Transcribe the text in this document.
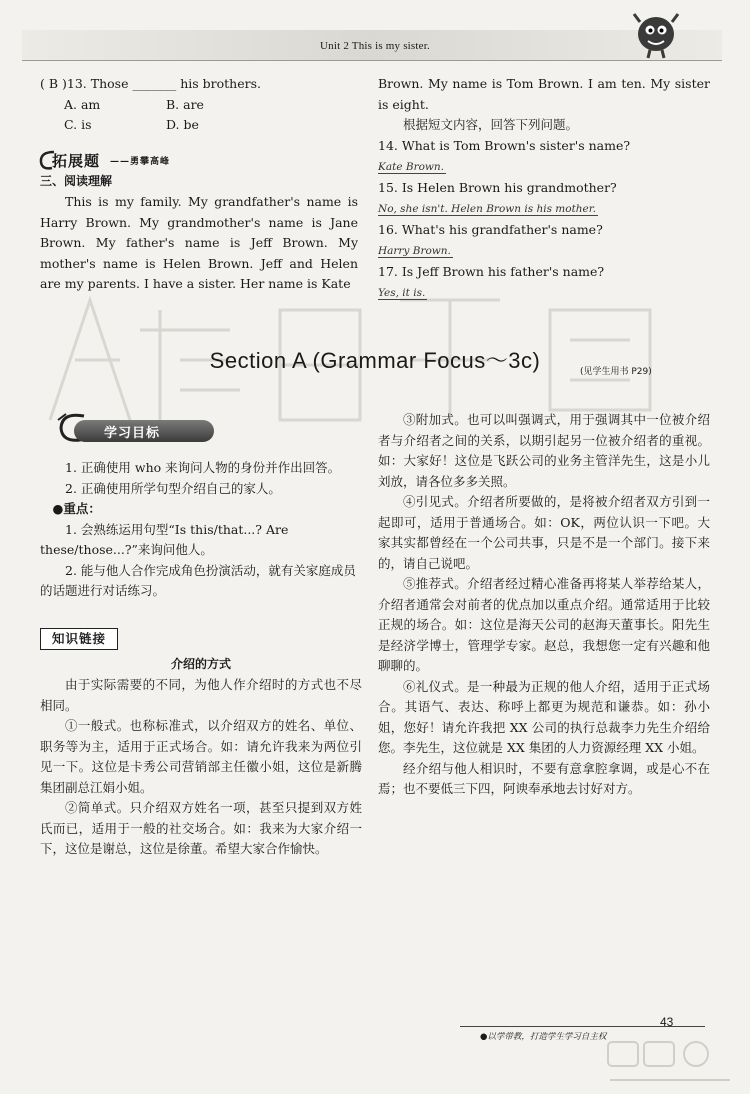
Unit 2 This is my sister.
( B )13. Those _______ his brothers.
A. am	B. are
C. is	D. be
拓展题 ——勇攀高峰
三、阅读理解
This is my family. My grandfather's name is Harry Brown. My grandmother's name is Jane Brown. My father's name is Jeff Brown. My mother's name is Helen Brown. Jeff and Helen are my parents. I have a sister. Her name is Kate
Brown. My name is Tom Brown. I am ten. My sister is eight.
根据短文内容，回答下列问题。
14. What is Tom Brown's sister's name?
Kate Brown.
15. Is Helen Brown his grandmother?
No, she isn't. Helen Brown is his mother.
16. What's his grandfather's name?
Harry Brown.
17. Is Jeff Brown his father's name?
Yes, it is.
Section A (Grammar Focus～3c)	(见学生用书 P29)
学习目标

1. 正确使用 who 来询问人物的身份并作出回答。

2. 正确使用所学句型介绍自己的家人。

●重点：

1. 会熟练运用句型“Is this/that...? Are these/those...?”来询问他人。

2. 能与他人合作完成角色扮演活动，就有关家庭成员的话题进行对话练习。

知识链接
介绍的方式

由于实际需要的不同，为他人作介绍时的方式也不尽相同。

①一般式。也称标准式，以介绍双方的姓名、单位、职务等为主，适用于正式场合。如：请允许我来为两位引见一下。这位是卡秀公司营销部主任徽小姐，这位是新腾集团副总江娟小姐。

②简单式。只介绍双方姓名一项，甚至只提到双方姓氏而已，适用于一般的社交场合。如：我来为大家介绍一下，这位是谢总，这位是徐董。希望大家合作愉快。

③附加式。也可以叫强调式，用于强调其中一位被介绍者与介绍者之间的关系，以期引起另一位被介绍者的重视。如：大家好！这位是飞跃公司的业务主管洋先生，这是小儿刘放，请各位多多关照。

④引见式。介绍者所要做的，是将被介绍者双方引到一起即可，适用于普通场合。如：OK，两位认识一下吧。大家其实都曾经在一个公司共事，只是不是一个部门。接下来的，请自己说吧。

⑤推荐式。介绍者经过精心准备再将某人举荐给某人，介绍者通常会对前者的优点加以重点介绍。通常适用于比较正规的场合。如：这位是海天公司的赵海天董事长。阳先生是经济学博士，管理学专家。赵总，我想您一定有兴趣和他聊聊的。

⑥礼仪式。是一种最为正规的他人介绍，适用于正式场合。其语气、表达、称呼上都更为规范和谦恭。如：孙小姐，您好！请允许我把 XX 公司的执行总裁李力先生介绍给您。李先生，这位就是 XX 集团的人力资源经理 XX 小姐。

经介绍与他人相识时，不要有意拿腔拿调，或是心不在焉；也不要低三下四，阿谀奉承地去讨好对方。

●以学带教，打造学生学习自主权
43
